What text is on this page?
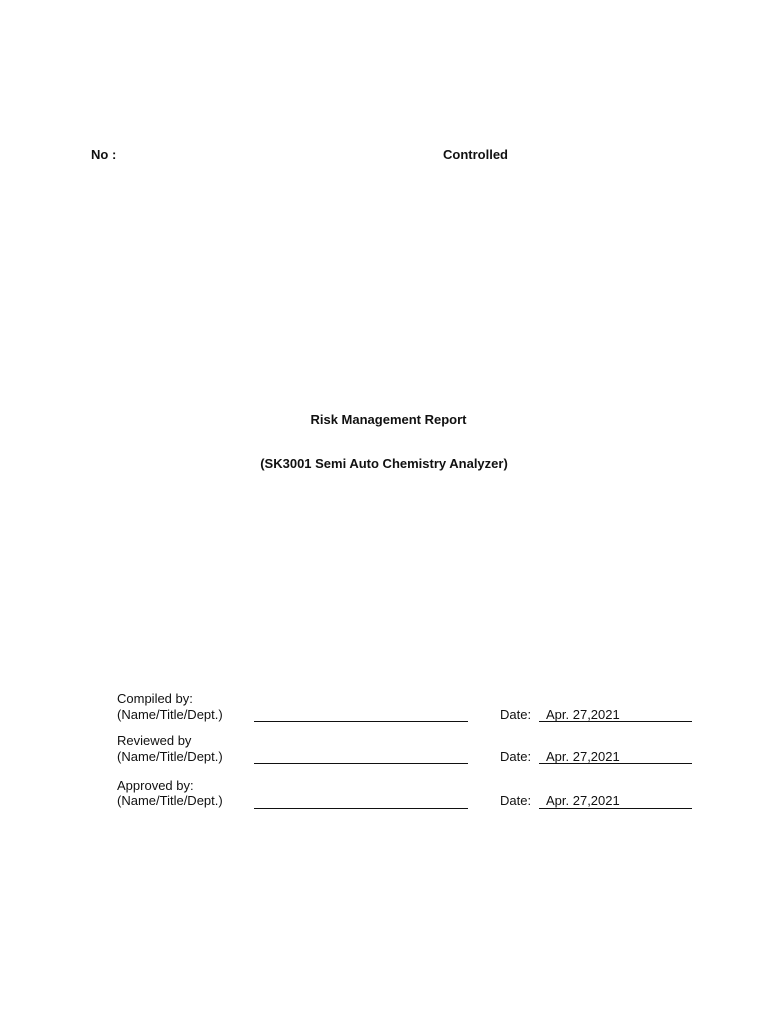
No :	Controlled
Risk Management Report
(SK3001 Semi Auto Chemistry Analyzer)
Compiled by:
(Name/Title/Dept.)	Date: Apr. 27,2021
Reviewed by
(Name/Title/Dept.)	Date: Apr. 27,2021
Approved by:
(Name/Title/Dept.)	Date: Apr. 27,2021
